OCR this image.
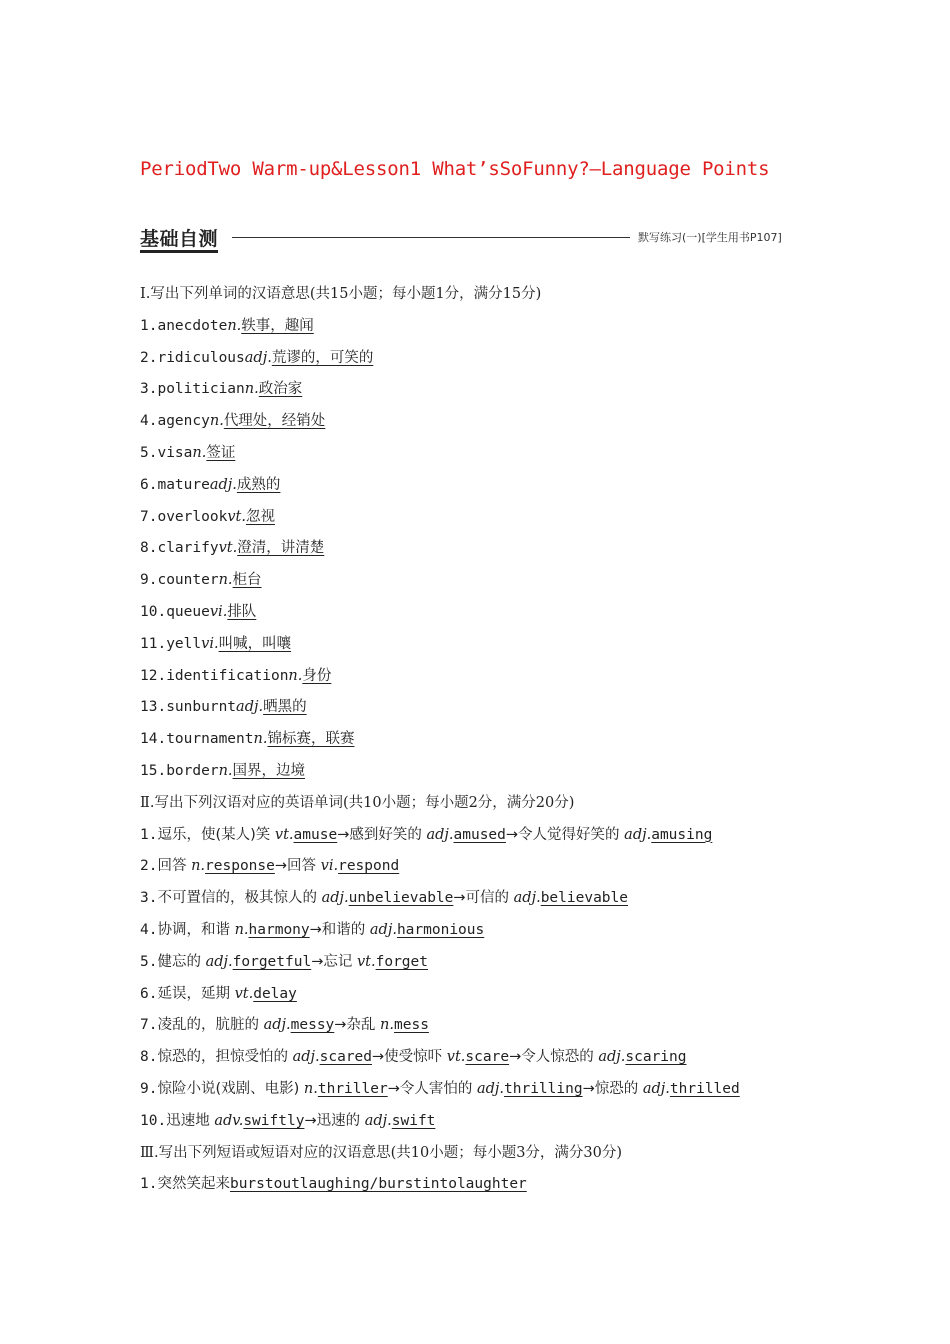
PeriodTwo Warm-up&Lesson1 What’sSoFunny?—Language Points
基础自测	默写练习(一)[学生用书P107]
Ⅰ.写出下列单词的汉语意思(共15小题；每小题1分，满分15分)
1.anecdoten.轶事，趣闻
2.ridiculousadj.荒谬的，可笑的
3.politiciann.政治家
4.agencyn.代理处，经销处
5.visan.签证
6.matureadj.成熟的
7.overlookvt.忽视
8.clarifyvt.澄清，讲清楚
9.countern.柜台
10.queuevi.排队
11.yellvi.叫喊，叫嚷
12.identificationn.身份
13.sunburntadj.晒黑的
14.tournamentn.锦标赛，联赛
15.bordern.国界，边境
Ⅱ.写出下列汉语对应的英语单词(共10小题；每小题2分，满分20分)
1.逗乐，使(某人)笑 vt.amuse→感到好笑的 adj.amused→令人觉得好笑的 adj.amusing
2.回答 n.response→回答 vi.respond
3.不可置信的，极其惊人的 adj.unbelievable→可信的 adj.believable
4.协调，和谐 n.harmony→和谐的 adj.harmonious
5.健忘的 adj.forgetful→忘记 vt.forget
6.延误，延期 vt.delay
7.凌乱的，肮脏的 adj.messy→杂乱 n.mess
8.惊恐的，担惊受怕的 adj.scared→使受惊吓 vt.scare→令人惊恐的 adj.scaring
9.惊险小说(戏剧、电影) n.thriller→令人害怕的 adj.thrilling→惊恐的 adj.thrilled
10.迅速地 adv.swiftly→迅速的 adj.swift
Ⅲ.写出下列短语或短语对应的汉语意思(共10小题；每小题3分，满分30分)
1.突然笑起来burstoutlaughing/burstintolaughter
